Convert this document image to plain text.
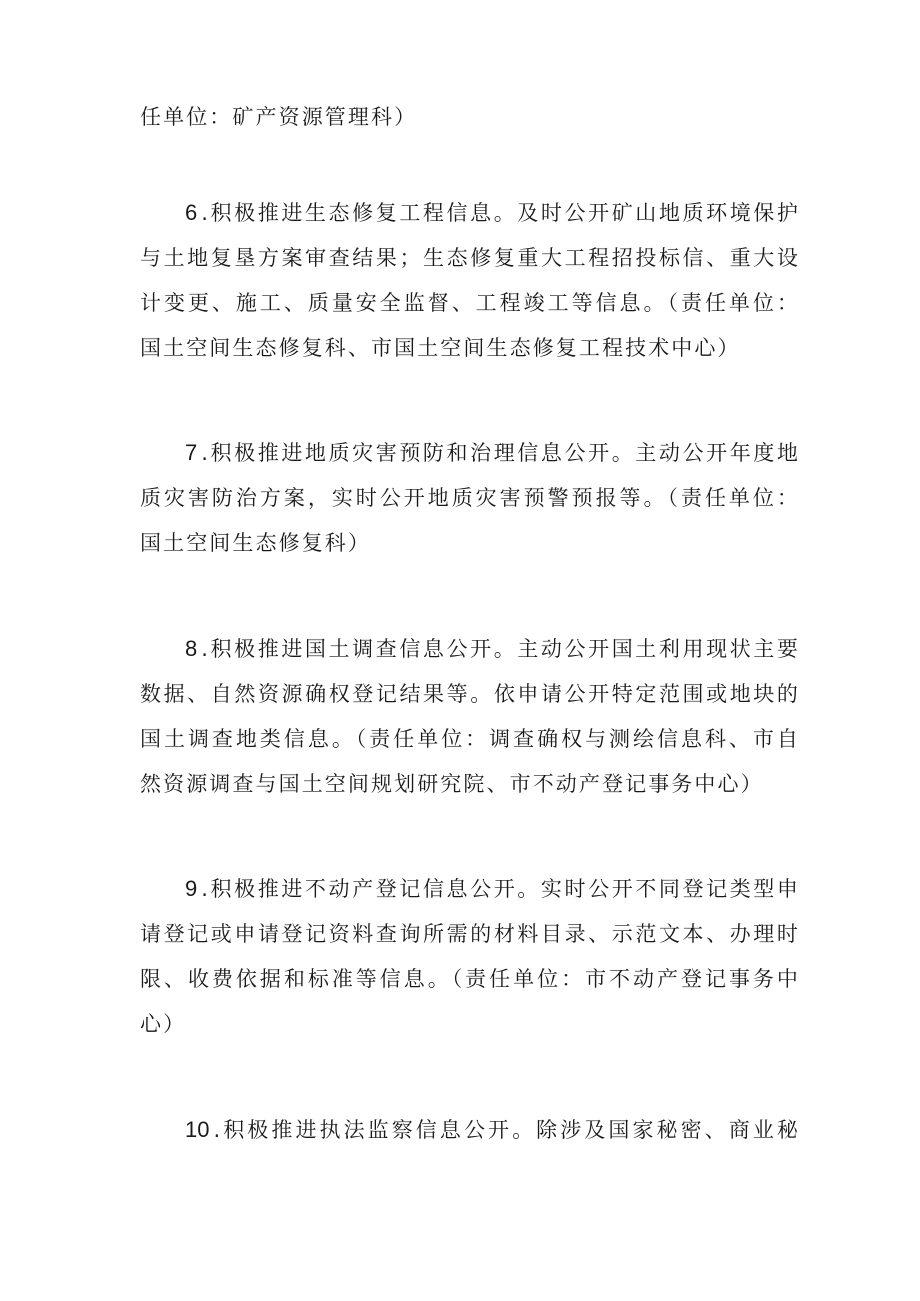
任单位：矿产资源管理科）
6 .积极推进生态修复工程信息。及时公开矿山地质环境保护
与土地复垦方案审查结果；生态修复重大工程招投标信、重大设
计变更、施工、质量安全监督、工程竣工等信息。（责任单位：
国土空间生态修复科、市国土空间生态修复工程技术中心）
7 .积极推进地质灾害预防和治理信息公开。主动公开年度地
质灾害防治方案，实时公开地质灾害预警预报等。（责任单位：
国土空间生态修复科）
8 .积极推进国土调查信息公开。主动公开国土利用现状主要
数据、自然资源确权登记结果等。依申请公开特定范围或地块的
国土调查地类信息。（责任单位：调查确权与测绘信息科、市自
然资源调查与国土空间规划研究院、市不动产登记事务中心）
9 .积极推进不动产登记信息公开。实时公开不同登记类型申
请登记或申请登记资料查询所需的材料目录、示范文本、办理时
限、收费依据和标准等信息。（责任单位：市不动产登记事务中
心）
10 .积极推进执法监察信息公开。除涉及国家秘密、商业秘
